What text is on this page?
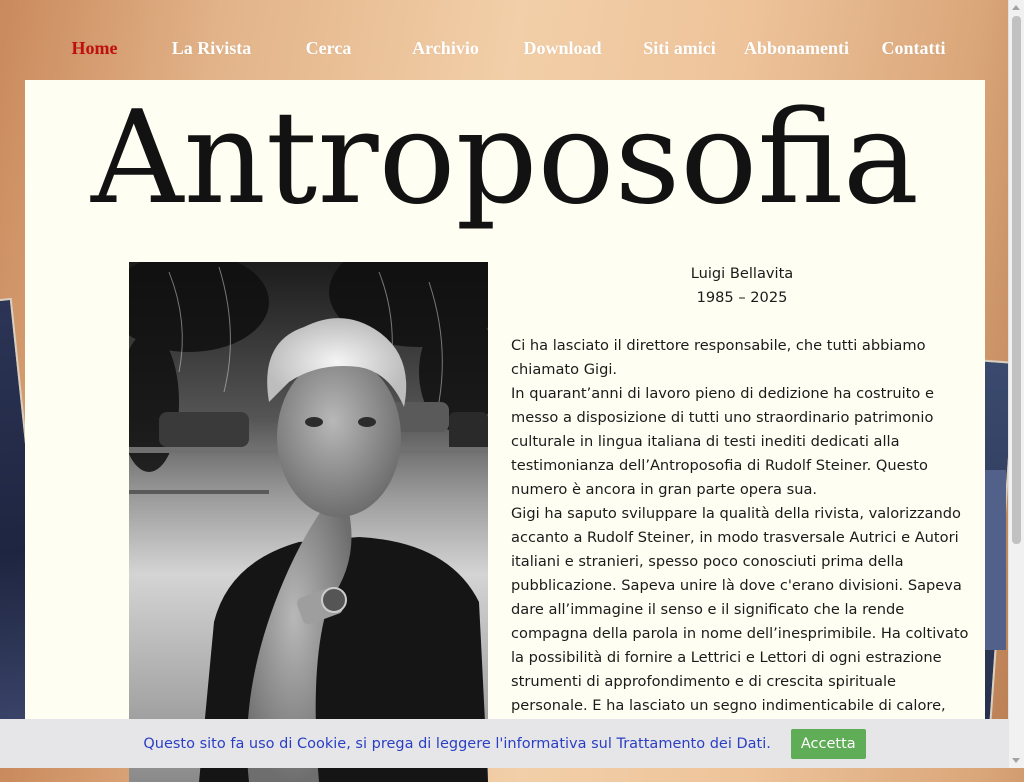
Home	La Rivista	Cerca	Archivio	Download	Siti amici	Abbonamenti	Contatti
Antroposofia
Luigi Bellavita
1985 – 2025
Ci ha lasciato il direttore responsabile, che tutti abbiamo chiamato Gigi.
In quarant’anni di lavoro pieno di dedizione ha costruito e messo a disposizione di tutti uno straordinario patrimonio culturale in lingua italiana di testi inediti dedicati alla testimonianza dell’Antroposofia di Rudolf Steiner. Questo numero è ancora in gran parte opera sua.
Gigi ha saputo sviluppare la qualità della rivista, valorizzando accanto a Rudolf Steiner, in modo trasversale Autrici e Autori italiani e stranieri, spesso poco conosciuti prima della pubblicazione. Sapeva unire là dove c'erano divisioni. Sapeva dare all’immagine il senso e il significato che la rende compagna della parola in nome dell’inesprimibile. Ha coltivato la possibilità di fornire a Lettrici e Lettori di ogni estrazione strumenti di approfondimento e di crescita spirituale personale. E ha lasciato un segno indimenticabile di calore,
Questo sito fa uso di Cookie, si prega di leggere l'informativa sul Trattamento dei Dati.	Accetta
